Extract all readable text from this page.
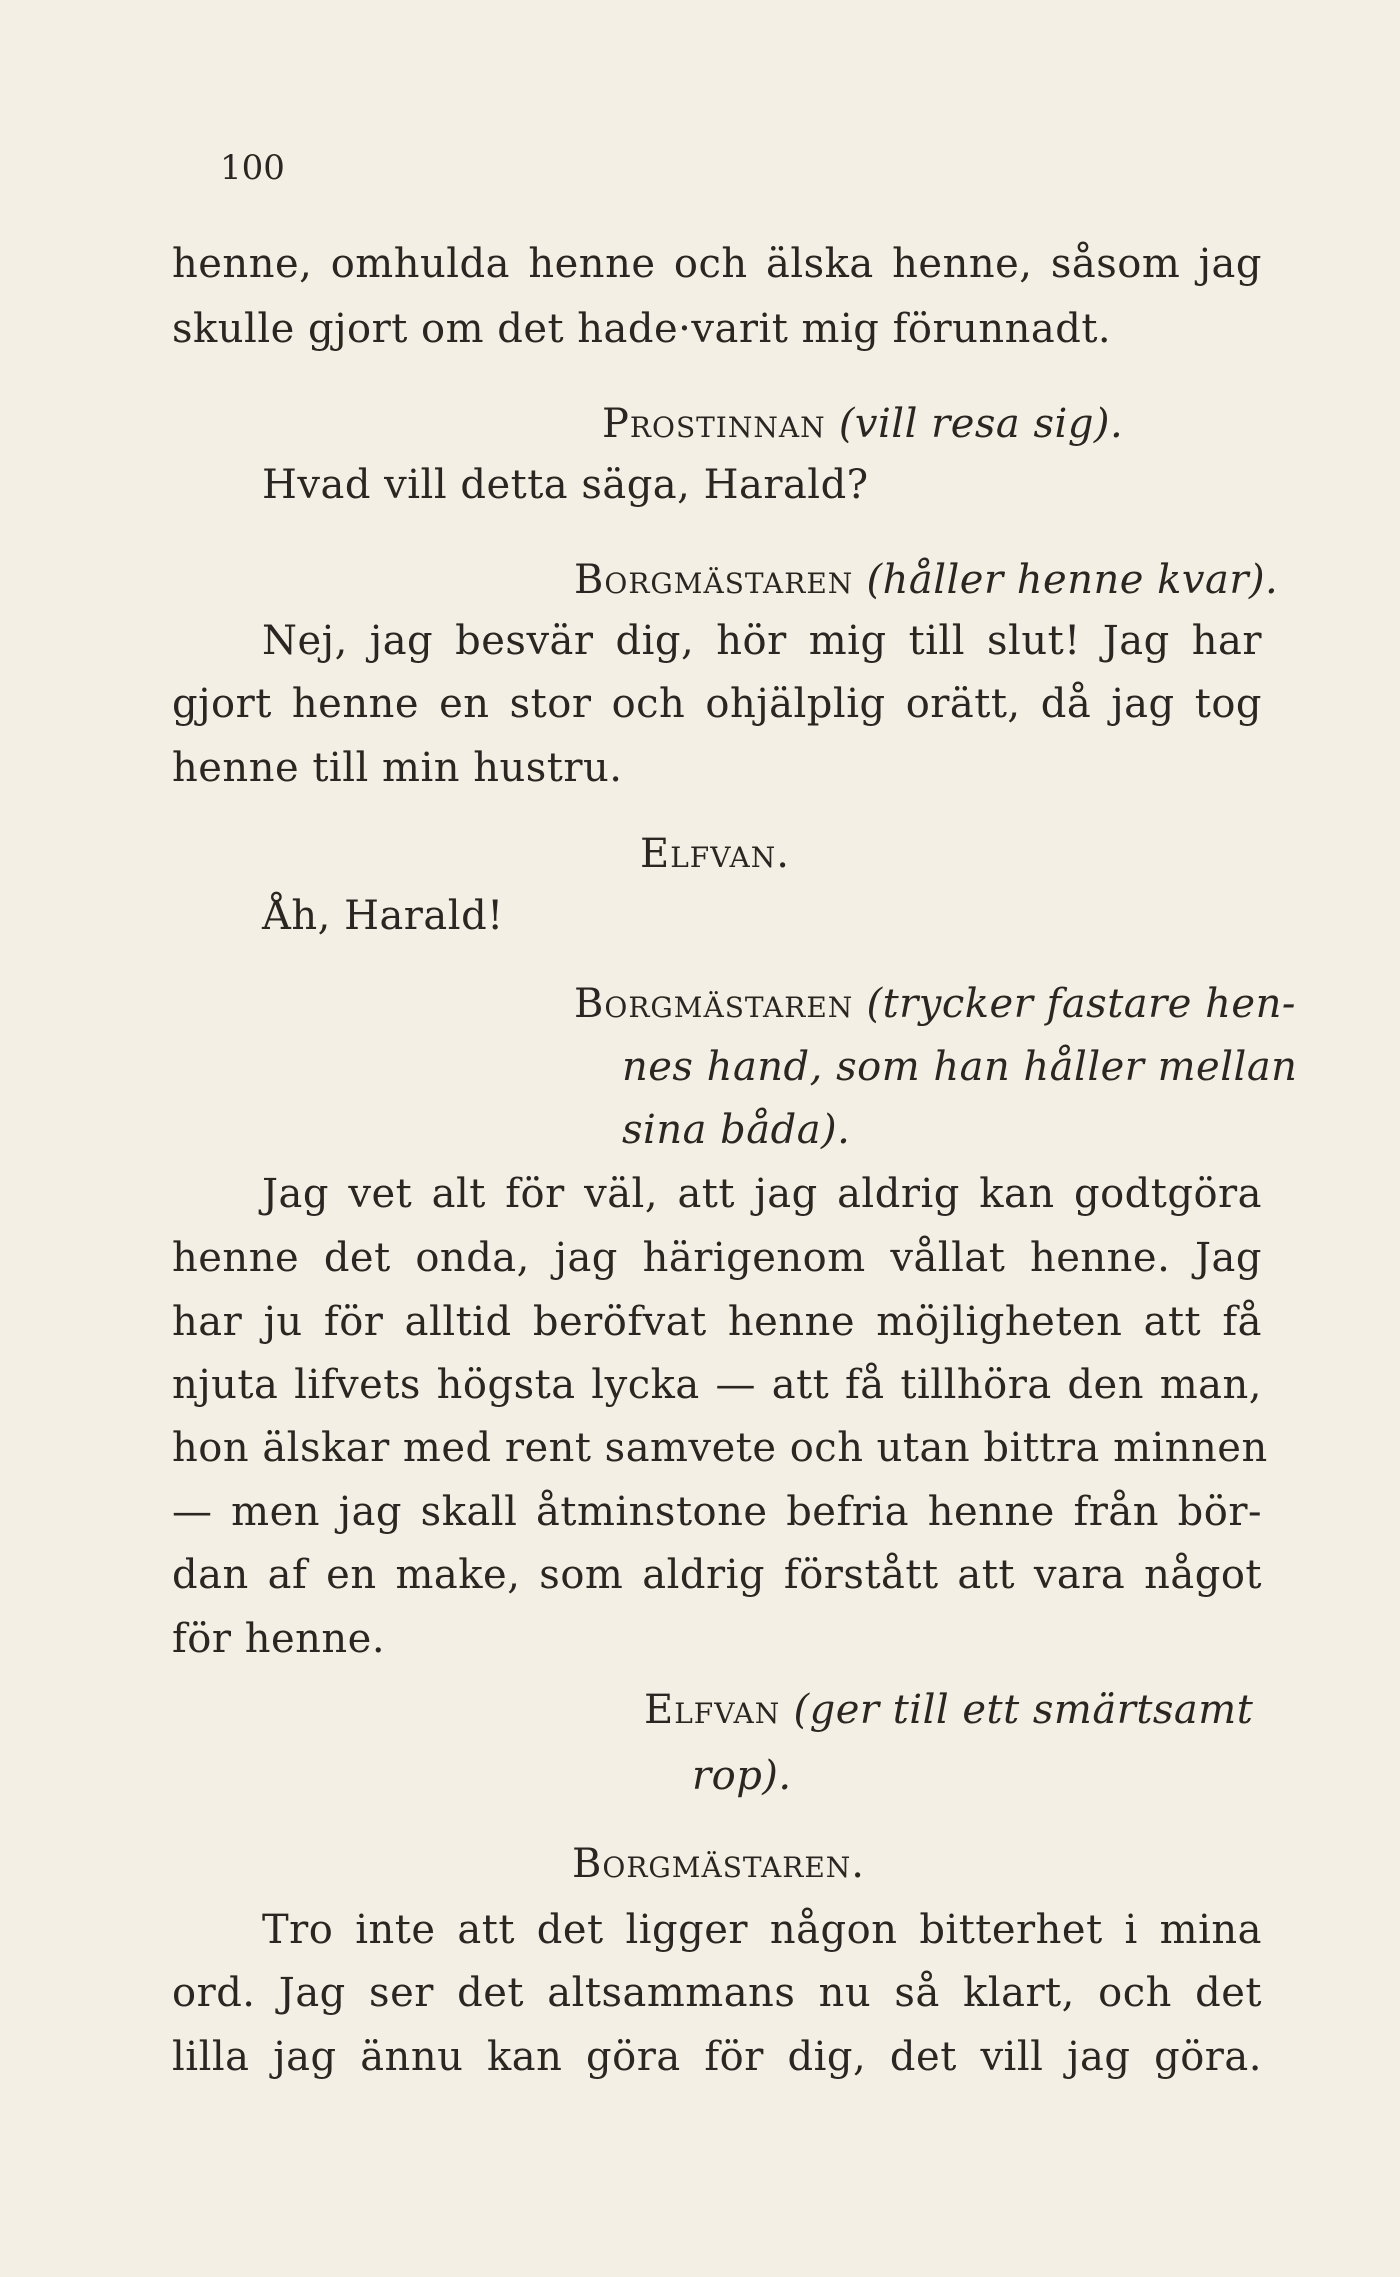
100
henne, omhulda henne och älska henne, såsom jag
skulle gjort om det hade·varit mig förunnadt.
Prostinnan (vill resa sig).
Hvad vill detta säga, Harald?
Borgmästaren (håller henne kvar).
Nej, jag besvär dig, hör mig till slut! Jag har
gjort henne en stor och ohjälplig orätt, då jag tog
henne till min hustru.
Elfvan.
Åh, Harald!
Borgmästaren (trycker fastare hen-
nes hand, som han håller mellan
sina båda).
Jag vet alt för väl, att jag aldrig kan godtgöra
henne det onda, jag härigenom vållat henne. Jag
har ju för alltid beröfvat henne möjligheten att få
njuta lifvets högsta lycka — att få tillhöra den man,
hon älskar med rent samvete och utan bittra minnen
— men jag skall åtminstone befria henne från bör-
dan af en make, som aldrig förstått att vara något
för henne.
Elfvan (ger till ett smärtsamt
rop).
Borgmästaren.
Tro inte att det ligger någon bitterhet i mina
ord. Jag ser det altsammans nu så klart, och det
lilla jag ännu kan göra för dig, det vill jag göra.
